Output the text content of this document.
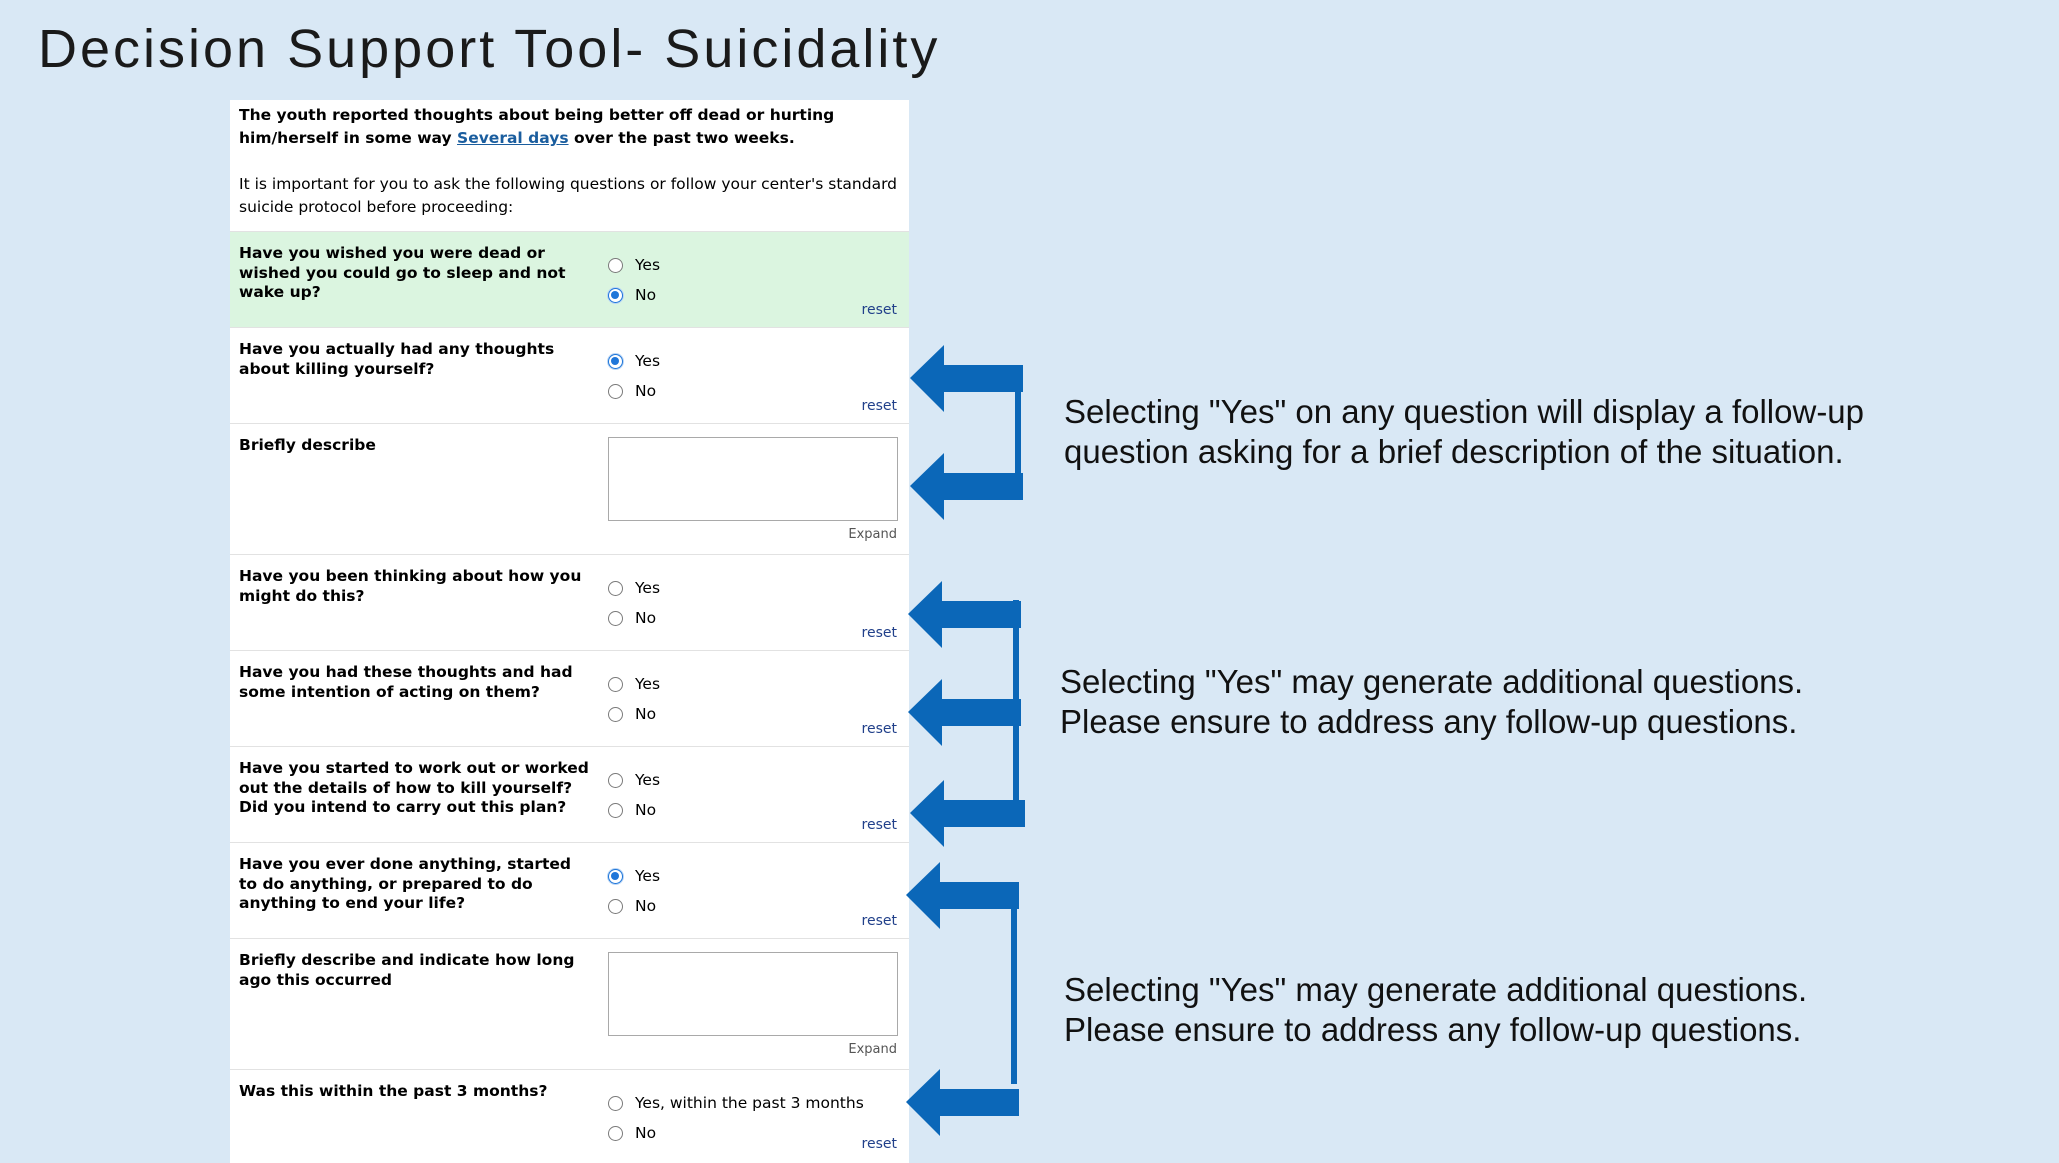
Decision Support Tool- Suicidality

The youth reported thoughts about being better off dead or hurting him/herself in some way Several days over the past two weeks.

It is important for you to ask the following questions or follow your center's standard suicide protocol before proceeding:

Have you wished you were dead or wished you could go to sleep and not wake up?
Yes
No
reset
Have you actually had any thoughts about killing yourself?	Yes
No
reset
Briefly describe
Expand
Have you been thinking about how you might do this?	Yes
No
reset
Have you had these thoughts and had some intention of acting on them?	Yes
No
reset
Have you started to work out or worked out the details of how to kill yourself? Did you intend to carry out this plan?
Yes
No
reset
Have you ever done anything, started to do anything, or prepared to do anything to end your life?
Yes
No
reset
Briefly describe and indicate how long ago this occurred
Expand
Was this within the past 3 months?
Yes, within the past 3 months
No
reset
Selecting "Yes" on any question will display a follow-up
question asking for a brief description of the situation.
Selecting "Yes" may generate additional questions.
Please ensure to address any follow-up questions.
Selecting "Yes" may generate additional questions.
Please ensure to address any follow-up questions.
